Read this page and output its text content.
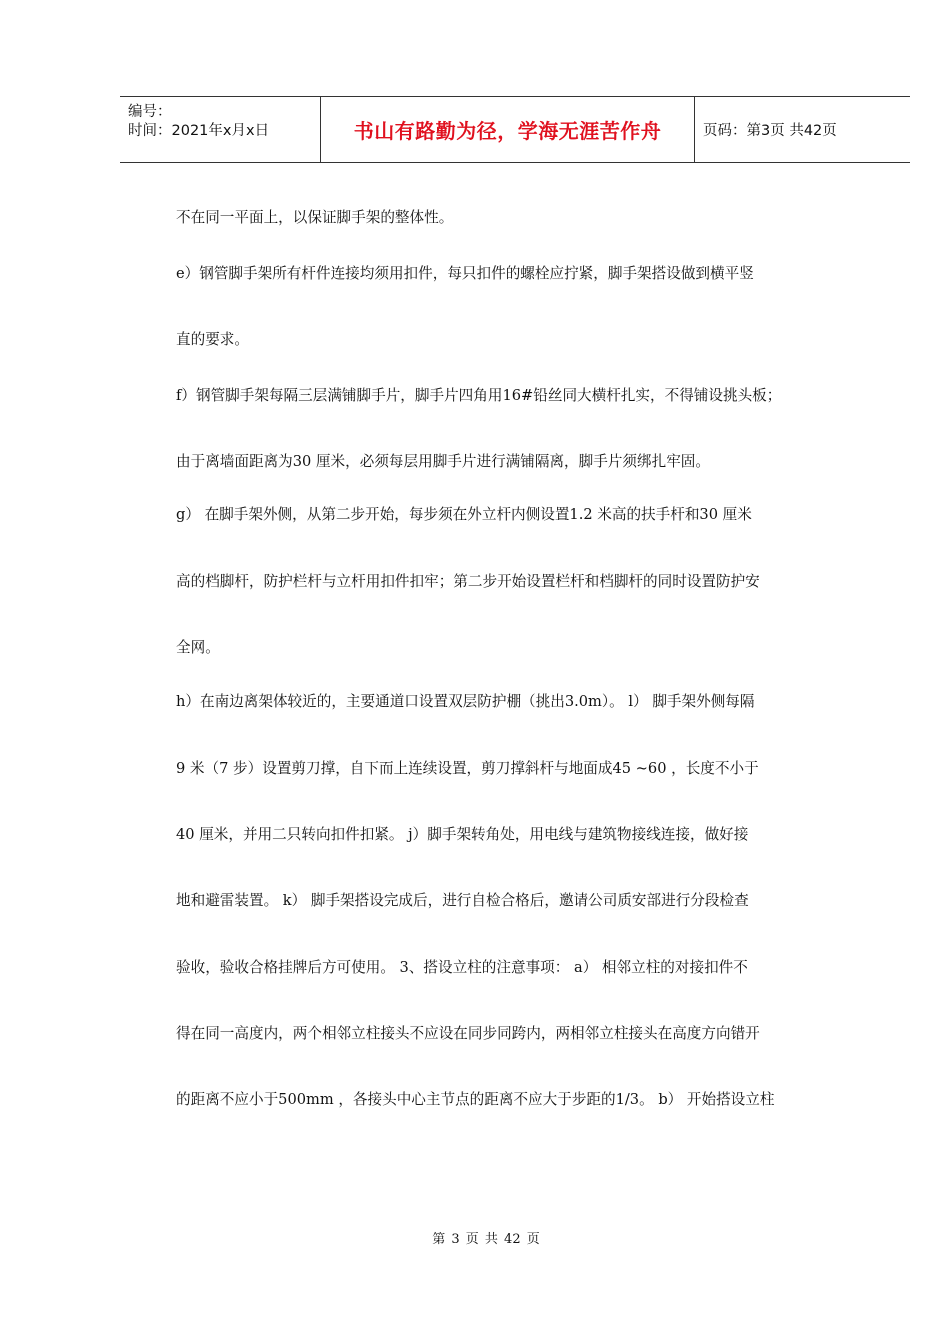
编号：
时间：2021年x月x日	书山有路勤为径，学海无涯苦作舟	页码：第3页 共42页
不在同一平面上，以保证脚手架的整体性。
e）钢管脚手架所有杆件连接均须用扣件，每只扣件的螺栓应拧紧，脚手架搭设做到横平竖
直的要求。
f）钢管脚手架每隔三层满铺脚手片，脚手片四角用16#铅丝同大横杆扎实，不得铺设挑头板；
由于离墙面距离为30 厘米，必须每层用脚手片进行满铺隔离，脚手片须绑扎牢固。
g） 在脚手架外侧，从第二步开始，每步须在外立杆内侧设置1.2 米高的扶手杆和30 厘米
高的档脚杆，防护栏杆与立杆用扣件扣牢；第二步开始设置栏杆和档脚杆的同时设置防护安
全网。
h）在南边离架体较近的，主要通道口设置双层防护棚（挑出3.0m）。 l） 脚手架外侧每隔
9 米（7 步）设置剪刀撑，自下而上连续设置，剪刀撑斜杆与地面成45 ~60 ，长度不小于
40 厘米，并用二只转向扣件扣紧。 j）脚手架转角处，用电线与建筑物接线连接，做好接
地和避雷装置。 k） 脚手架搭设完成后，进行自检合格后，邀请公司质安部进行分段检查
验收，验收合格挂牌后方可使用。 3、搭设立柱的注意事项： a） 相邻立柱的对接扣件不
得在同一高度内，两个相邻立柱接头不应设在同步同跨内，两相邻立柱接头在高度方向错开
的距离不应小于500mm ，各接头中心主节点的距离不应大于步距的1/3。 b） 开始搭设立柱
第 3 页 共 42 页
